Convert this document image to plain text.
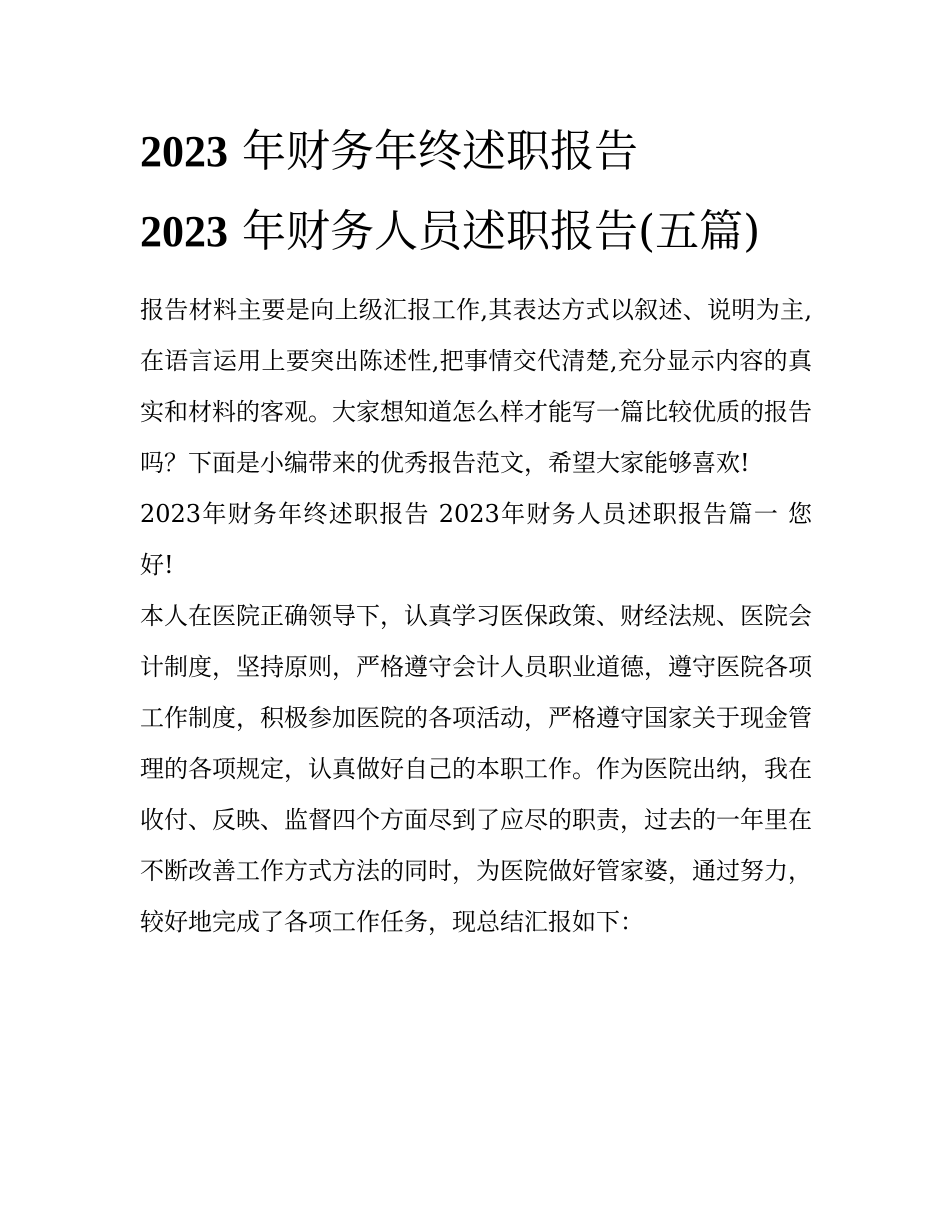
2023 年财务年终述职报告
2023 年财务人员述职报告(五篇)

报告材料主要是向上级汇报工作,其表达方式以叙述、说明为主,在语言运用上要突出陈述性,把事情交代清楚,充分显示内容的真实和材料的客观。大家想知道怎么样才能写一篇比较优质的报告吗？下面是小编带来的优秀报告范文，希望大家能够喜欢!

2023年财务年终述职报告 2023年财务人员述职报告篇一 您好!

本人在医院正确领导下，认真学习医保政策、财经法规、医院会计制度，坚持原则，严格遵守会计人员职业道德，遵守医院各项工作制度，积极参加医院的各项活动，严格遵守国家关于现金管理的各项规定，认真做好自己的本职工作。作为医院出纳，我在收付、反映、监督四个方面尽到了应尽的职责，过去的一年里在不断改善工作方式方法的同时，为医院做好管家婆，通过努力，较好地完成了各项工作任务，现总结汇报如下：
